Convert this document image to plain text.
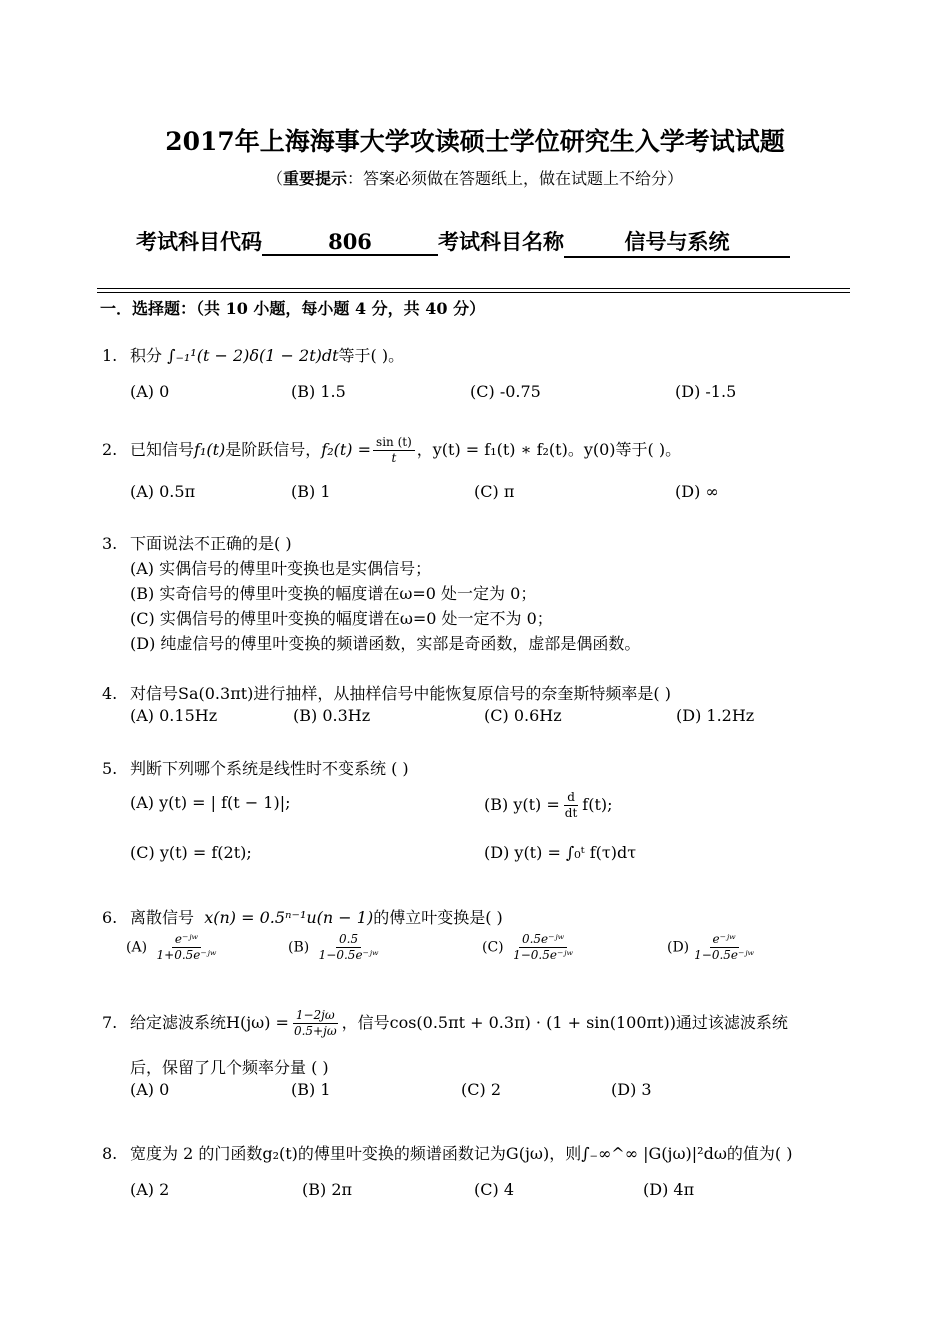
2017年上海海事大学攻读硕士学位研究生入学考试试题
（重要提示：答案必须做在答题纸上，做在试题上不给分）
考试科目代码	806	考试科目名称	信号与系统
一．选择题：（共 10 小题，每小题 4 分，共 40 分）
1. 积分 ∫₋₁¹(t − 2)δ(1 − 2t)dt等于( )。
(A) 0	(B) 1.5	(C) -0.75	(D) -1.5
2. 已知信号f₁(t)是阶跃信号，$f_2(t) = \frac{\sin (t)}{t}$ ，y(t) = f₁(t) ∗ f₂(t)。y(0)等于( )。
(A) 0.5π	(B) 1	(C) π	(D) ∞
3. 下面说法不正确的是( )
(A) 实偶信号的傅里叶变换也是实偶信号；
(B) 实奇信号的傅里叶变换的幅度谱在ω=0 处一定为 0；
(C) 实偶信号的傅里叶变换的幅度谱在ω=0 处一定不为 0；
(D) 纯虚信号的傅里叶变换的频谱函数，实部是奇函数，虚部是偶函数。
4. 对信号Sa(0.3πt)进行抽样，从抽样信号中能恢复原信号的奈奎斯特频率是( )
(A) 0.15Hz	(B) 0.3Hz	(C) 0.6Hz	(D) 1.2Hz
5. 判断下列哪个系统是线性时不变系统 ( )
(A) y(t) = | f(t − 1)|;	(B) $y(t) = \frac{d}{dt} f(t)$;
(C) y(t) = f(2t);	(D) y(t) = ∫₀ᵗ f(τ)dτ
6. 离散信号 x(n) = 0.5ⁿ⁻¹u(n − 1)的傅立叶变换是( )
$(A) \frac{\text{e⁻ʲʷ}}{\text{1+0.5e⁻ʲʷ}}$	$(B) \frac{0.5}{\text{1−0.5e⁻ʲʷ}}$	$(C) \frac{\text{0.5e⁻ʲʷ}}{\text{1−0.5e⁻ʲʷ}}$	$(D) \frac{\text{e⁻ʲʷ}}{\text{1−0.5e⁻ʲʷ}}$
7. 给定滤波系统$H(j\omega) = \frac{1-2j\omega}{0.5+j\omega}$ ，信号cos(0.5πt + 0.3π) · (1 + sin(100πt))通过该滤波系统
后，保留了几个频率分量 ( )
(A) 0	(B) 1	(C) 2	(D) 3
8. 宽度为 2 的门函数g₂(t)的傅里叶变换的频谱函数记为G(jω)，则∫₋∞^∞ |G(jω)|²dω的值为( )
(A) 2	(B) 2π	(C) 4	(D) 4π
